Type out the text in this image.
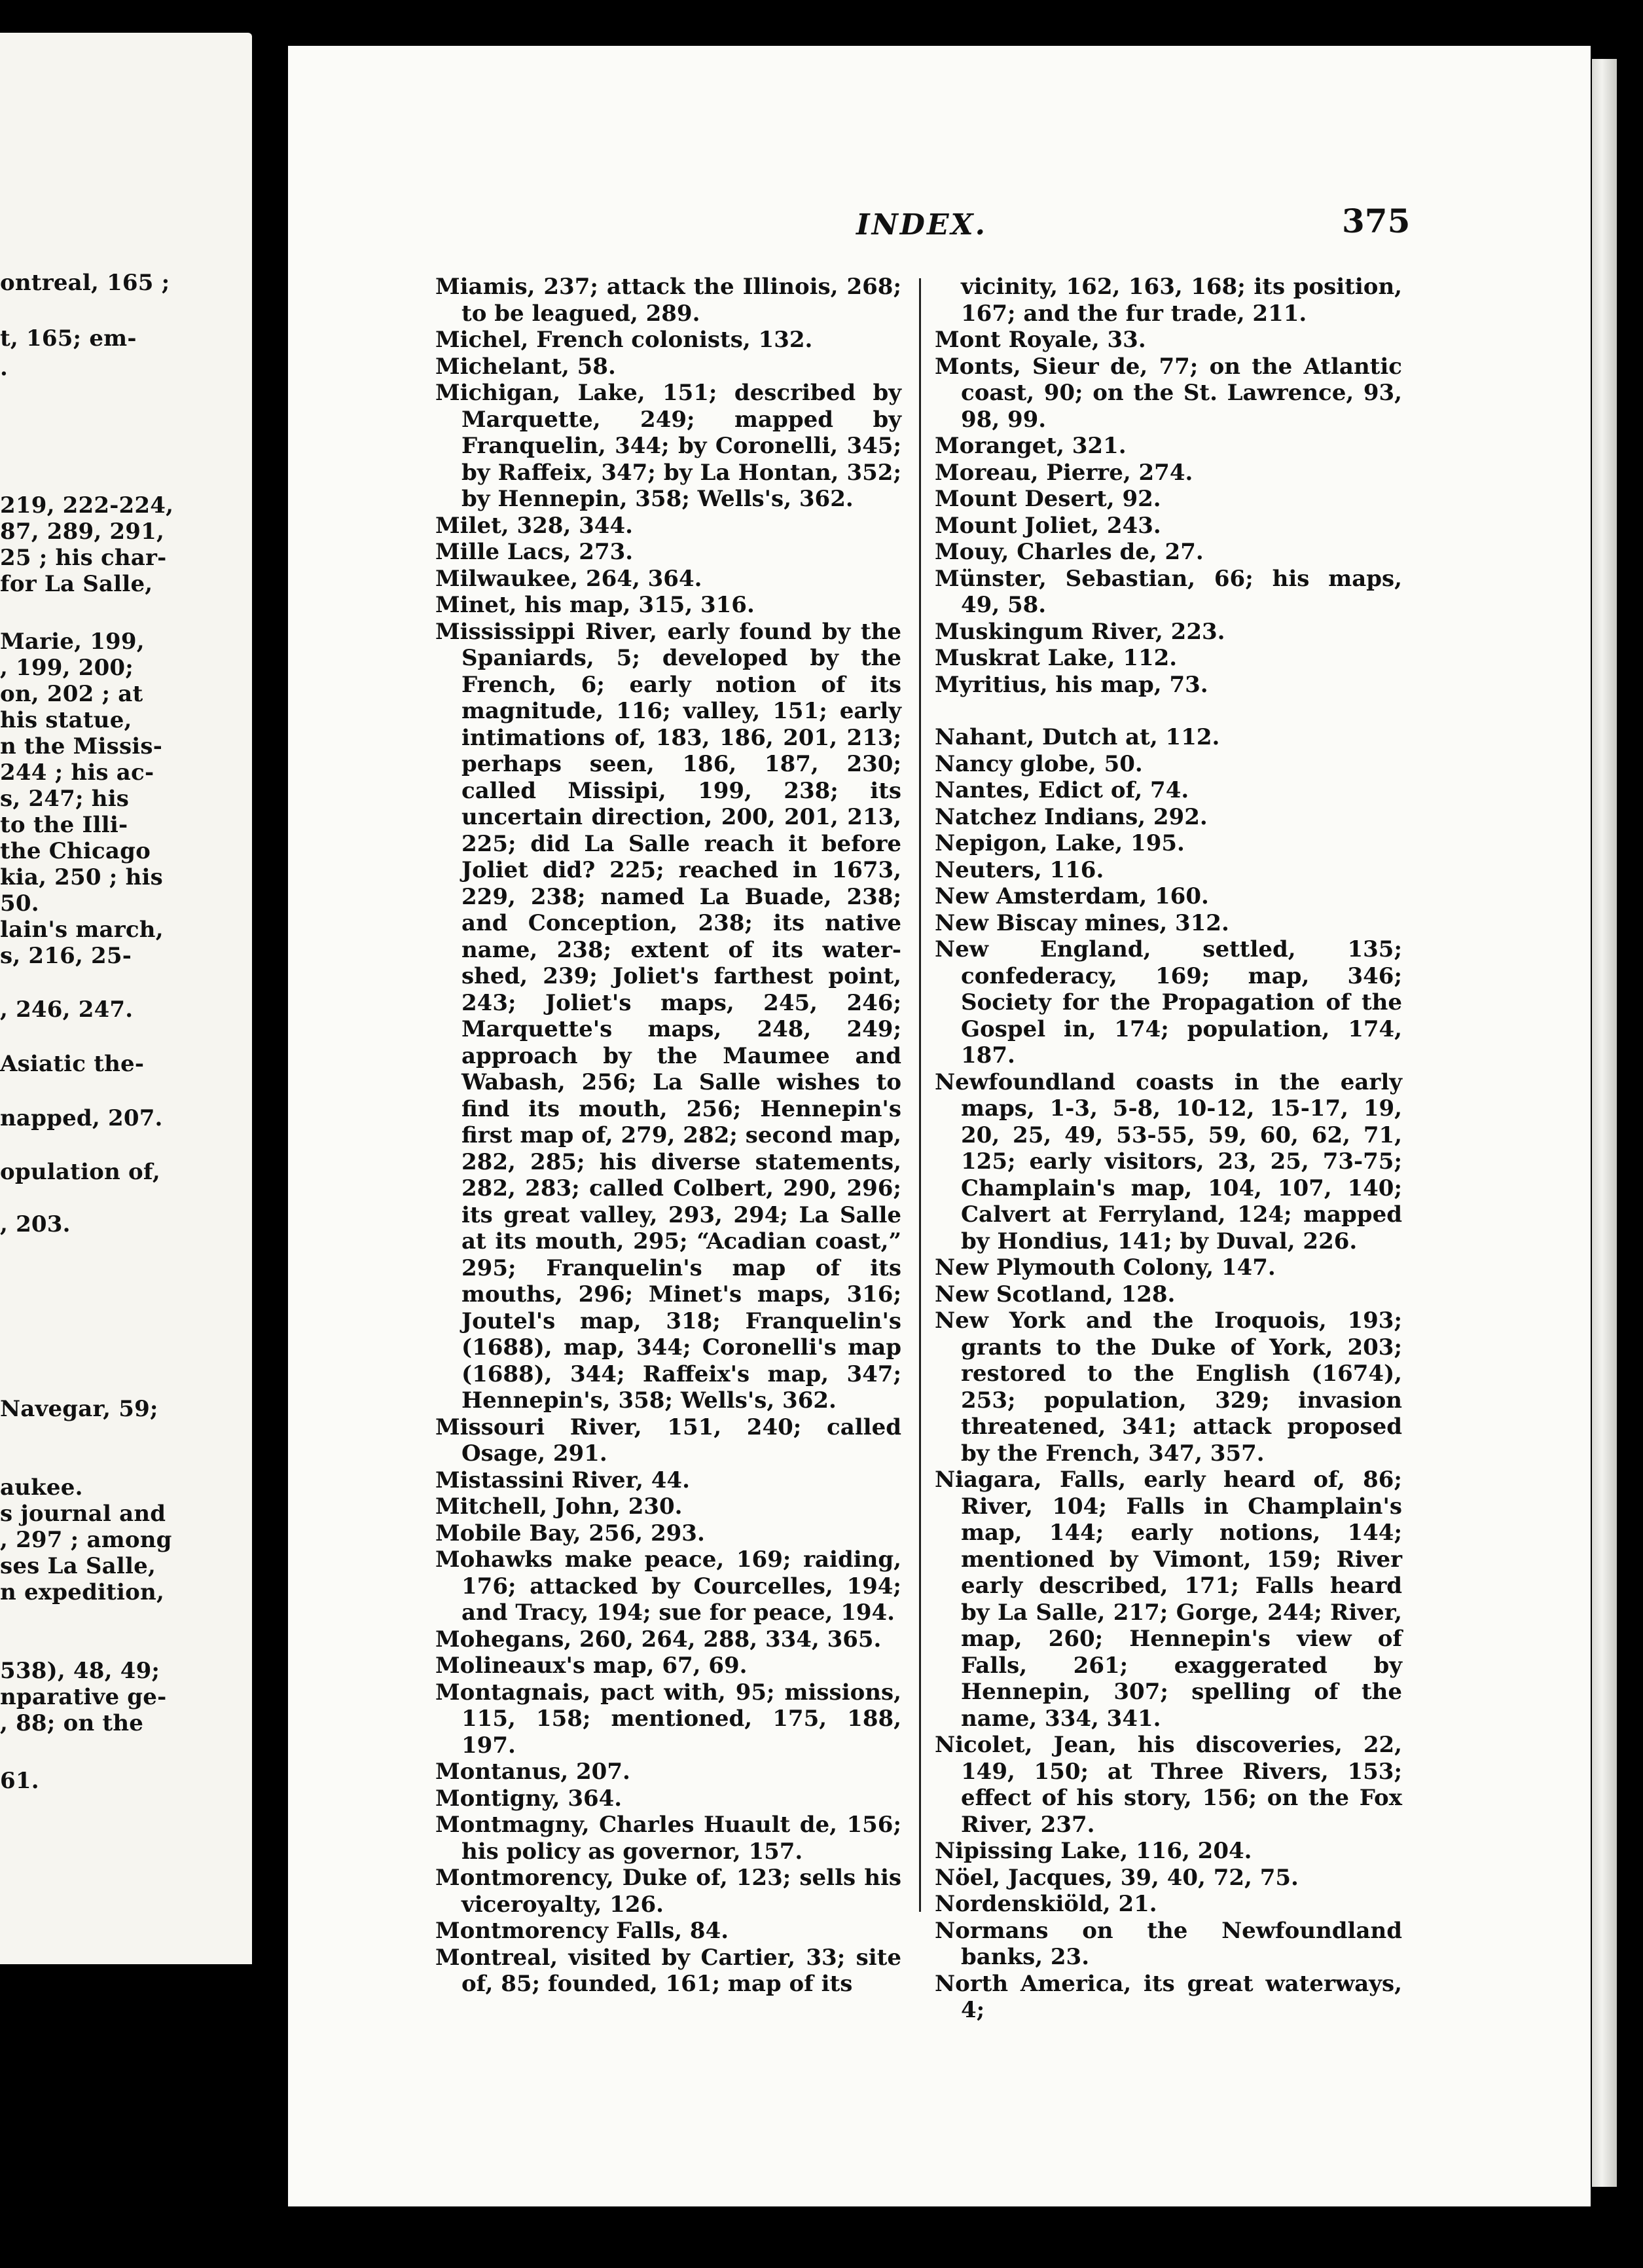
ontreal, 165 ;
t, 165; em-
.
219, 222-224,
87, 289, 291,
25 ; his char-
for La Salle,
Marie, 199,
, 199, 200;
on, 202 ; at
his statue,
n the Missis-
244 ; his ac-
s, 247; his
to the Illi-
the Chicago
kia, 250 ; his
50.
lain's march,
s, 216, 25-
, 246, 247.
Asiatic the-
napped, 207.
opulation of,
, 203.
Navegar, 59;
aukee.
s journal and
, 297 ; among
ses La Salle,
n expedition,
538), 48, 49;
nparative ge-
, 88; on the
61.
INDEX.	375

Miamis, 237; attack the Illinois, 268; to be leagued, 289.

Michel, French colonists, 132.

Michelant, 58.

Michigan, Lake, 151; described by Marquette, 249; mapped by Franquelin, 344; by Coronelli, 345; by Raffeix, 347; by La Hontan, 352; by Hennepin, 358; Wells's, 362.

Milet, 328, 344.

Mille Lacs, 273.

Milwaukee, 264, 364.

Minet, his map, 315, 316.

Mississippi River, early found by the Spaniards, 5; developed by the French, 6; early notion of its magnitude, 116; valley, 151; early intimations of, 183, 186, 201, 213; perhaps seen, 186, 187, 230; called Missipi, 199, 238; its uncertain direction, 200, 201, 213, 225; did La Salle reach it before Joliet did? 225; reached in 1673, 229, 238; named La Buade, 238; and Conception, 238; its native name, 238; extent of its water-shed, 239; Joliet's farthest point, 243; Joliet's maps, 245, 246; Marquette's maps, 248, 249; approach by the Maumee and Wabash, 256; La Salle wishes to find its mouth, 256; Hennepin's first map of, 279, 282; second map, 282, 285; his diverse statements, 282, 283; called Colbert, 290, 296; its great valley, 293, 294; La Salle at its mouth, 295; “Acadian coast,” 295; Franquelin's map of its mouths, 296; Minet's maps, 316; Joutel's map, 318; Franquelin's (1688), map, 344; Coronelli's map (1688), 344; Raffeix's map, 347; Hennepin's, 358; Wells's, 362.

Missouri River, 151, 240; called Osage, 291.

Mistassini River, 44.

Mitchell, John, 230.

Mobile Bay, 256, 293.

Mohawks make peace, 169; raiding, 176; attacked by Courcelles, 194; and Tracy, 194; sue for peace, 194.

Mohegans, 260, 264, 288, 334, 365.

Molineaux's map, 67, 69.

Montagnais, pact with, 95; missions, 115, 158; mentioned, 175, 188, 197.

Montanus, 207.

Montigny, 364.

Montmagny, Charles Huault de, 156; his policy as governor, 157.

Montmorency, Duke of, 123; sells his viceroyalty, 126.

Montmorency Falls, 84.

Montreal, visited by Cartier, 33; site of, 85; founded, 161; map of its

vicinity, 162, 163, 168; its position, 167; and the fur trade, 211.

Mont Royale, 33.

Monts, Sieur de, 77; on the Atlantic coast, 90; on the St. Lawrence, 93, 98, 99.

Moranget, 321.

Moreau, Pierre, 274.

Mount Desert, 92.

Mount Joliet, 243.

Mouy, Charles de, 27.

Münster, Sebastian, 66; his maps, 49, 58.

Muskingum River, 223.

Muskrat Lake, 112.

Myritius, his map, 73.

Nahant, Dutch at, 112.

Nancy globe, 50.

Nantes, Edict of, 74.

Natchez Indians, 292.

Nepigon, Lake, 195.

Neuters, 116.

New Amsterdam, 160.

New Biscay mines, 312.

New England, settled, 135; confederacy, 169; map, 346; Society for the Propagation of the Gospel in, 174; population, 174, 187.

Newfoundland coasts in the early maps, 1-3, 5-8, 10-12, 15-17, 19, 20, 25, 49, 53-55, 59, 60, 62, 71, 125; early visitors, 23, 25, 73-75; Champlain's map, 104, 107, 140; Calvert at Ferryland, 124; mapped by Hondius, 141; by Duval, 226.

New Plymouth Colony, 147.

New Scotland, 128.

New York and the Iroquois, 193; grants to the Duke of York, 203; restored to the English (1674), 253; population, 329; invasion threatened, 341; attack proposed by the French, 347, 357.

Niagara, Falls, early heard of, 86; River, 104; Falls in Champlain's map, 144; early notions, 144; mentioned by Vimont, 159; River early described, 171; Falls heard by La Salle, 217; Gorge, 244; River, map, 260; Hennepin's view of Falls, 261; exaggerated by Hennepin, 307; spelling of the name, 334, 341.

Nicolet, Jean, his discoveries, 22, 149, 150; at Three Rivers, 153; effect of his story, 156; on the Fox River, 237.

Nipissing Lake, 116, 204.

Nöel, Jacques, 39, 40, 72, 75.

Nordenskiöld, 21.

Normans on the Newfoundland banks, 23.

North America, its great waterways, 4;
